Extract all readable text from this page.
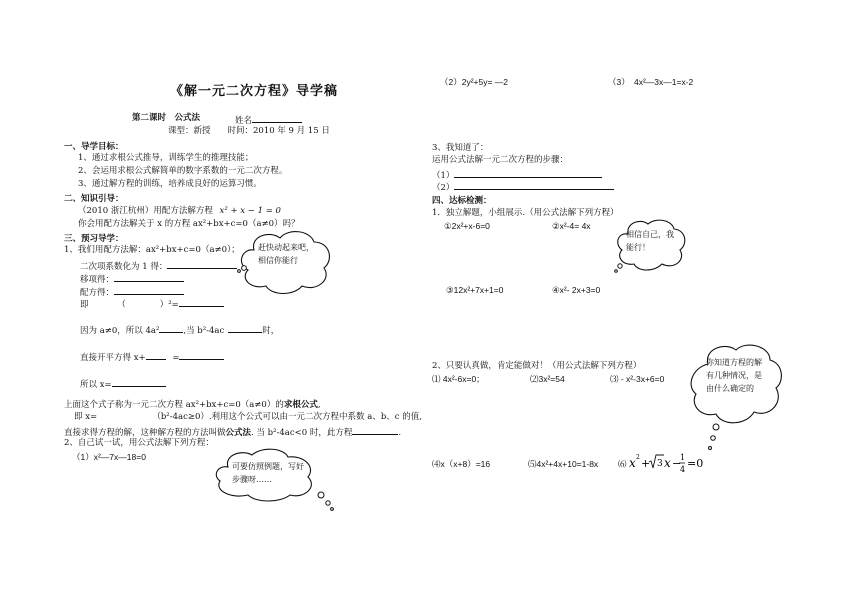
《解一元二次方程》导学稿
第二课时　公式法	姓名
课型：新授　　时间：2010 年 9 月 15 日
一、导学目标：
1、通过求根公式推导，训练学生的推理技能；
2、会运用求根公式解简单的数字系数的一元二次方程。
3、通过解方程的训练，培养成良好的运算习惯。
二、知识引导：
（2010 浙江杭州）用配方法解方程 x² + x − 1 = 0
你会用配方法解关于 x 的方程 ax²+bx+c=0（a≠0）吗？
三、预习导学：
1、我们用配方法解：ax²+bx+c=0（a≠0）；
二次项系数化为 1 得：
移项得：
配方得：
即	（　　　　）²=
因为 a≠0，所以 4a²	,当 b²-4ac	时，
直接开平方得 x+	=
所以 x=
上面这个式子称为一元二次方程 ax²+bx+c=0（a≠0）的求根公式,
即 x=　　　　　　　（b²-4ac≥0）.利用这个公式可以由一元二次方程中系数 a、b、c 的值,
直接求得方程的解，这种解方程的方法叫做公式法. 当 b²-4ac<0 时，此方程	.
2、自己试一试，用公式法解下列方程：
（1）x²—7x—18=0
赶快动起来吧，相信你能行
可要仿照例题，写好步骤呀……
（2）2y²+5y= —2	（3）　4x²—3x—1=x-2
3、我知道了：
运用公式法解一元二次方程的步骤：
（1）
（2）
四、达标检测：
1．独立解题，小组展示.（用公式法解下列方程）
①2x²+x-6=0	②x²-4= 4x
③12x²+7x+1=0	④x²- 2x+3=0
相信自己，我能行！
2、只要认真做，肯定能做对！（用公式法解下列方程）
⑴ 4x²-6x=0；	⑵3x²=54	⑶ - x²-3x+6=0
⑷x（x+8）=16	⑸4x²+4x+10=1-8x ⑹ x 2 + 3 x −
1
4 =0
你知道方程的解有几种情况，是由什么确定的
